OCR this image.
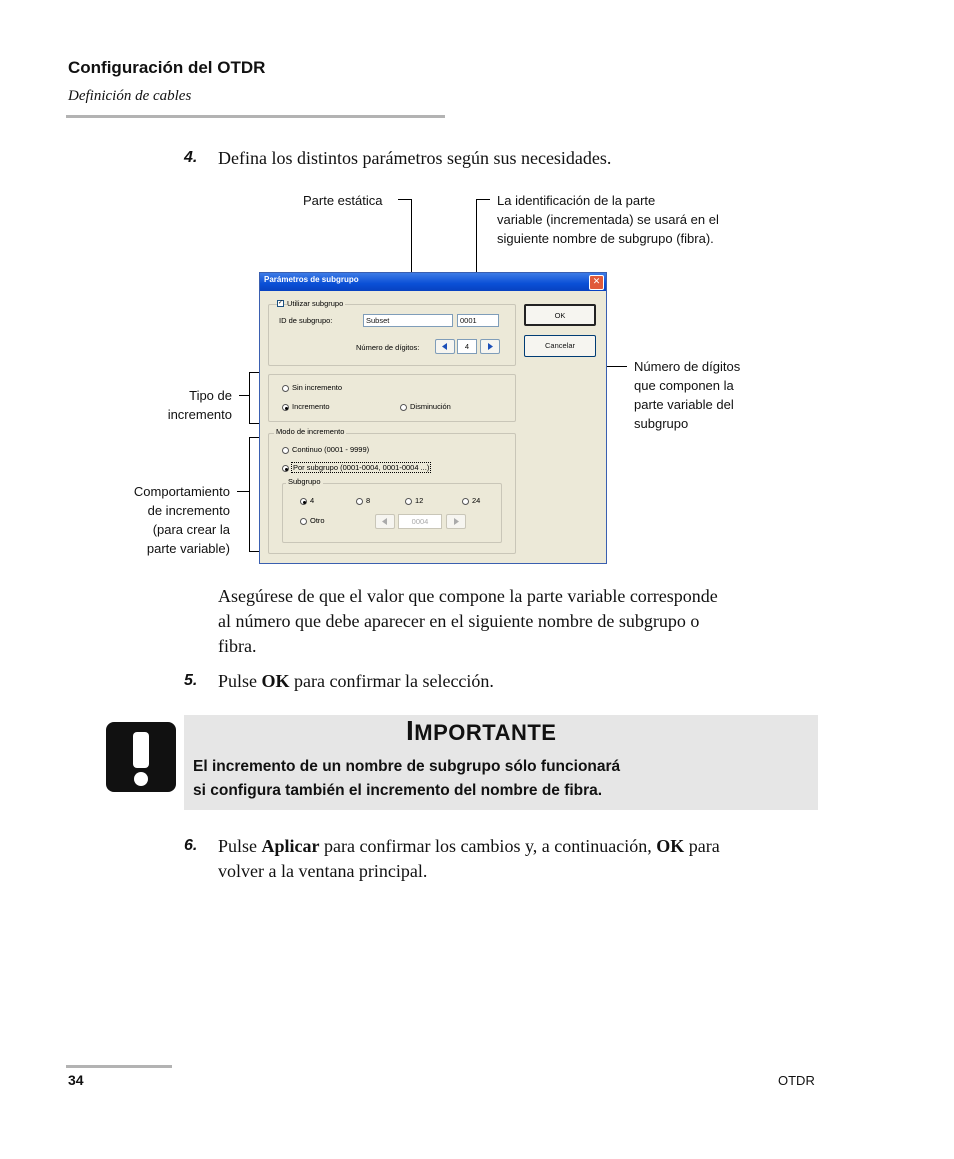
Configuración del OTDR
Definición de cables
4. Defina los distintos parámetros según sus necesidades.
Parte estática	La identificación de la parte
variable (incrementada) se usará en el
siguiente nombre de subgrupo (fibra).
Número de dígitos
que componen la
parte variable del
subgrupo
Tipo de
incremento
Comportamiento
de incremento
(para crear la
parte variable)
Parámetros de subgrupo	✕
✓ Utilizar subgrupo
ID de subgrupo:	Subset	0001
Número de dígitos:	4
OK
Cancelar
Sin incremento
Incremento	Disminución
Modo de incremento
Continuo (0001 - 9999)
Por subgrupo (0001-0004, 0001-0004 ...)
Subgrupo
4	8	12	24
Otro	0004
Asegúrese de que el valor que compone la parte variable corresponde
al número que debe aparecer en el siguiente nombre de subgrupo o
fibra.
5. Pulse OK para confirmar la selección.
IMPORTANTE
El incremento de un nombre de subgrupo sólo funcionará
si configura también el incremento del nombre de fibra.
6. Pulse Aplicar para confirmar los cambios y, a continuación, OK para
volver a la ventana principal.
34	OTDR
